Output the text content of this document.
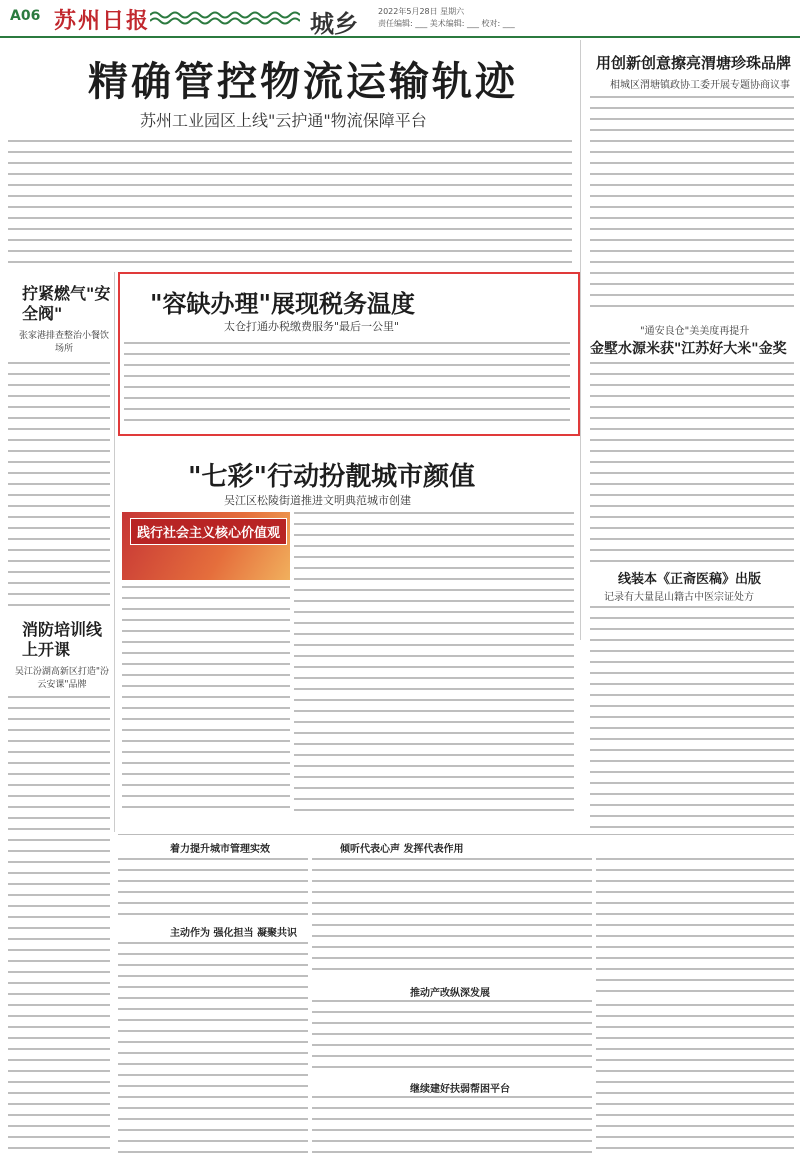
A06 苏州日报	城乡	2022年5月28日 星期六
责任编辑: ___ 美术编辑: ___ 校对: ___
精确管控物流运输轨迹
苏州工业园区上线"云护通"物流保障平台
用创新创意擦亮渭塘珍珠品牌
相城区渭塘镇政协工委开展专题协商议事
"通安良仓"美美度再提升
金墅水源米获"江苏好大米"金奖
线装本《正斋医稿》出版
记录有大量昆山籍古中医宗证处方
拧紧燃气"安全阀"
张家港排查整治小餐饮场所
消防培训线上开课
吴江汾湖高新区打造"汾云安课"品牌
"容缺办理"展现税务温度
太仓打通办税缴费服务"最后一公里"
"七彩"行动扮靓城市颜值
吴江区松陵街道推进文明典范城市创建
践行社会主义核心价值观
着力提升城市管理实效	倾听代表心声 发挥代表作用
主动作为 强化担当 凝聚共识
推动产改纵深发展
继续建好扶弱帮困平台
